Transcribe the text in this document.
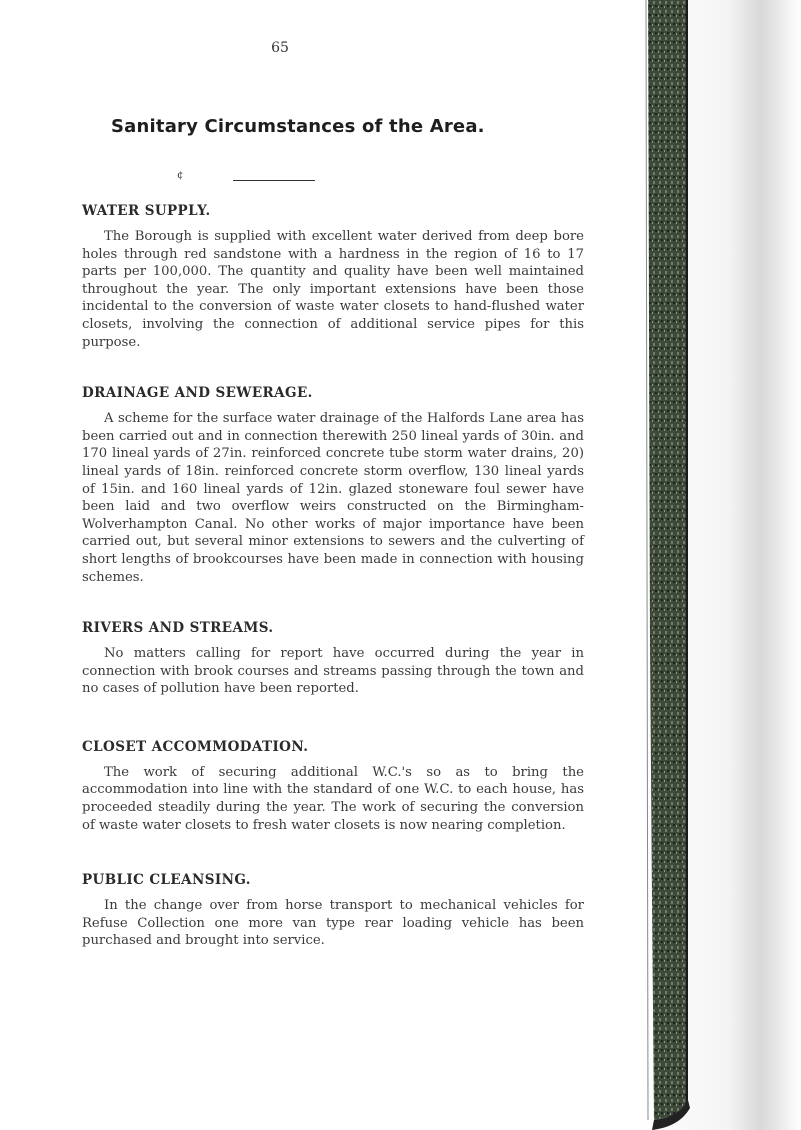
65
Sanitary Circumstances of the Area.
¢
WATER SUPPLY.

The Borough is supplied with excellent water derived from deep bore holes through red sandstone with a hardness in the region of 16 to 17 parts per 100,000. The quantity and quality have been well maintained throughout the year. The only important extensions have been those incidental to the conversion of waste water closets to hand-flushed water closets, involving the connection of additional service pipes for this purpose.

DRAINAGE AND SEWERAGE.

A scheme for the surface water drainage of the Halfords Lane area has been carried out and in connection therewith 250 lineal yards of 30in. and 170 lineal yards of 27in. reinforced concrete tube storm water drains, 20) lineal yards of 18in. reinforced concrete storm overflow, 130 lineal yards of 15in. and 160 lineal yards of 12in. glazed stoneware foul sewer have been laid and two overflow weirs constructed on the Birmingham-Wolverhampton Canal. No other works of major importance have been carried out, but several minor extensions to sewers and the culverting of short lengths of brookcourses have been made in connection with housing schemes.

RIVERS AND STREAMS.

No matters calling for report have occurred during the year in connection with brook courses and streams passing through the town and no cases of pollution have been reported.

CLOSET ACCOMMODATION.

The work of securing additional W.C.'s so as to bring the accommodation into line with the standard of one W.C. to each house, has proceeded steadily during the year. The work of securing the conversion of waste water closets to fresh water closets is now nearing completion.

PUBLIC CLEANSING.

In the change over from horse transport to mechanical vehicles for Refuse Collection one more van type rear loading vehicle has been purchased and brought into service.
